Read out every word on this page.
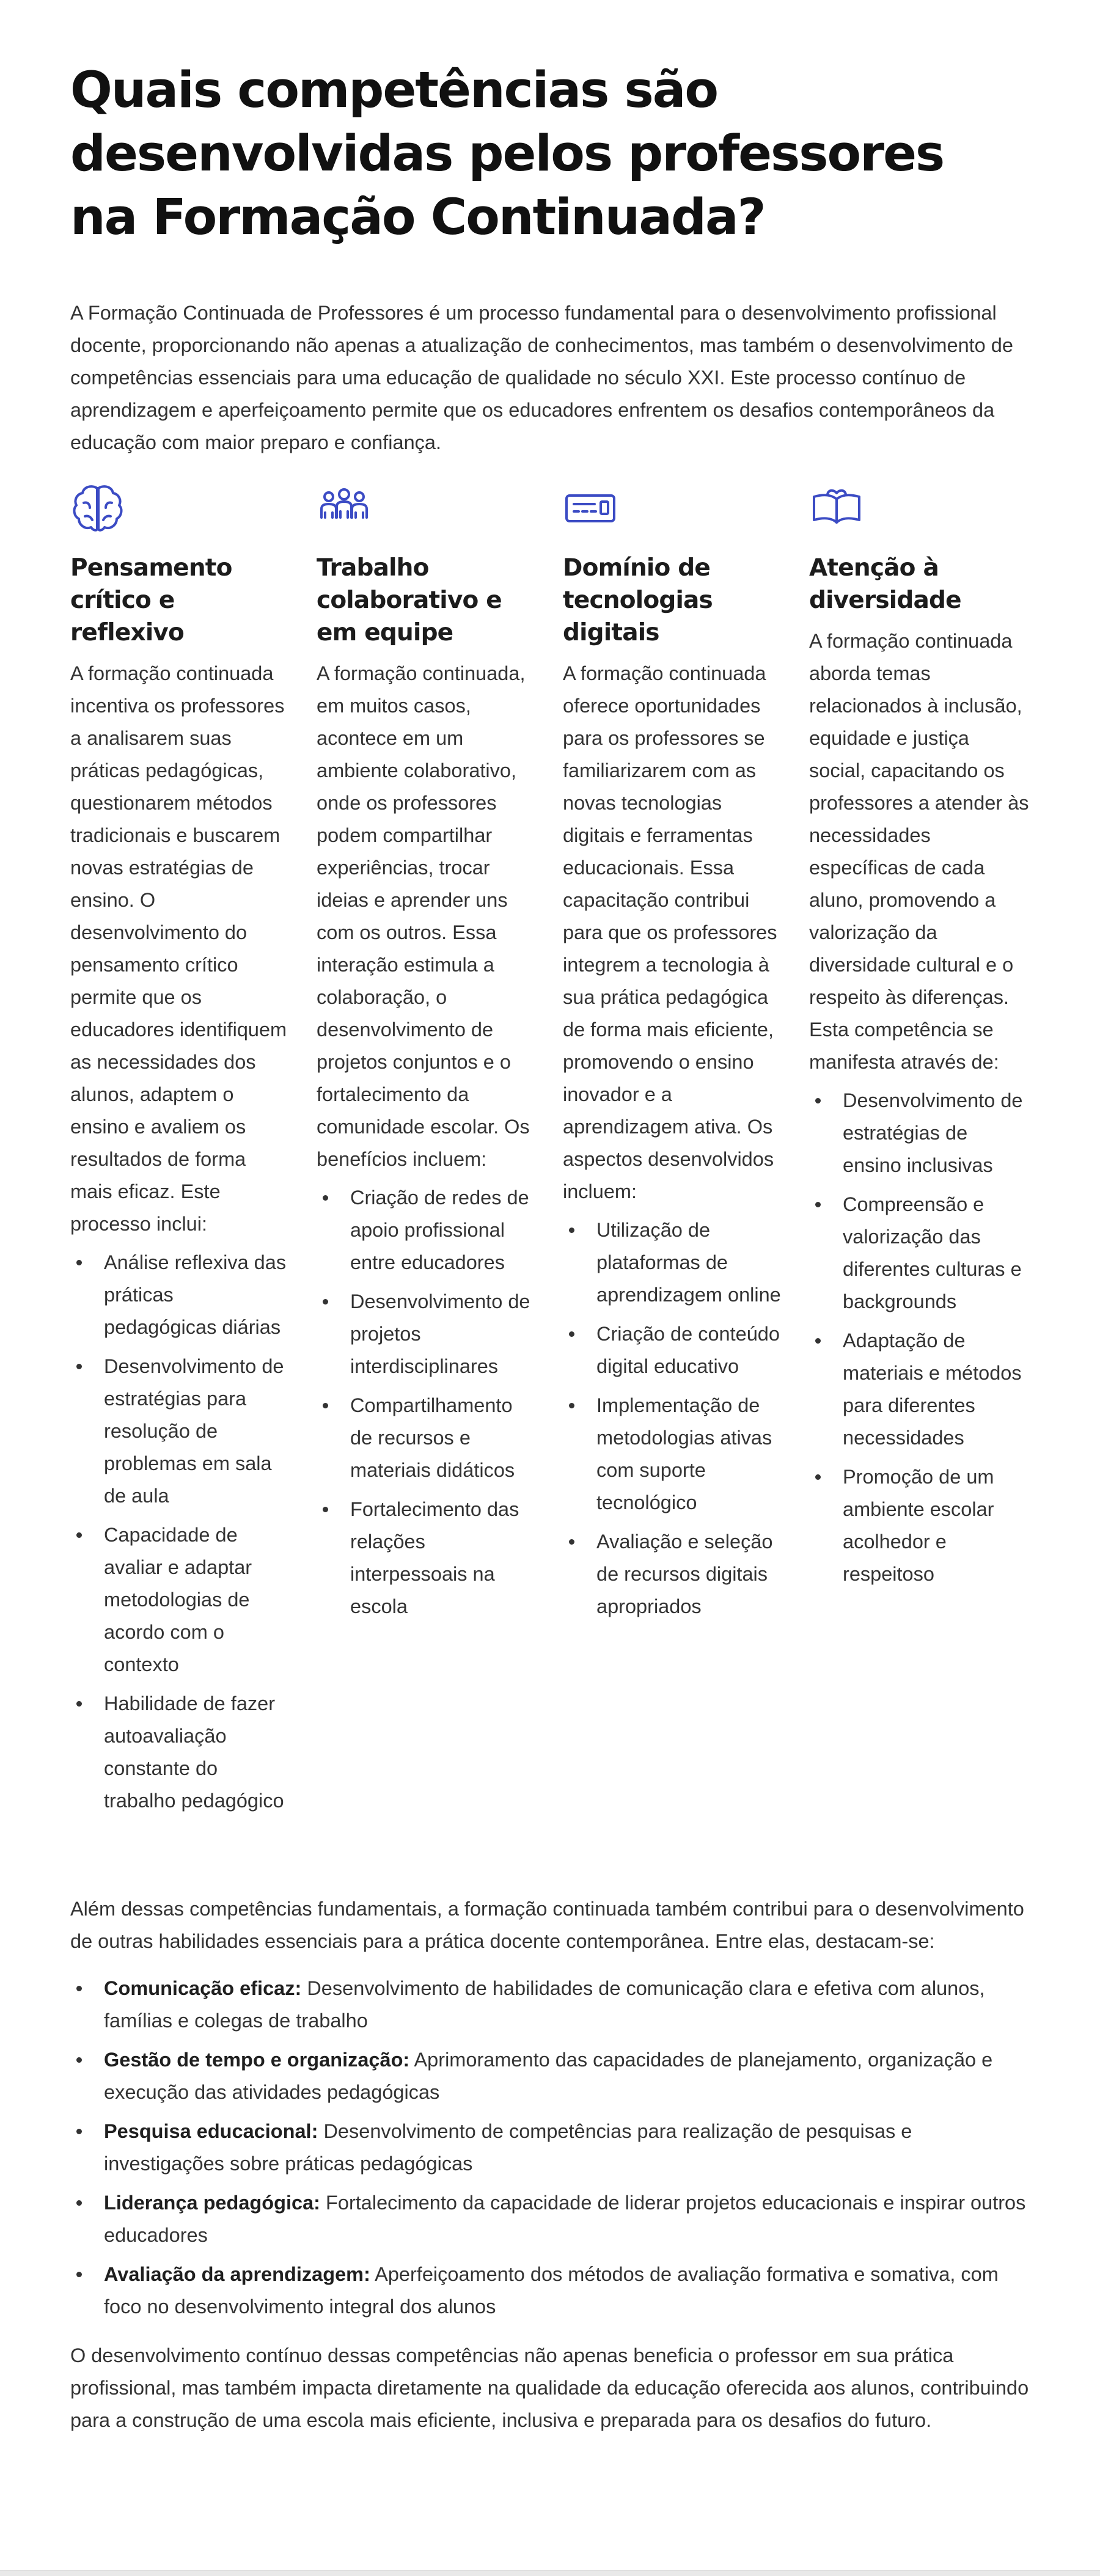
Quais competências são desenvolvidas pelos professores na Formação Continuada?

A Formação Continuada de Professores é um processo fundamental para o desenvolvimento profissional docente, proporcionando não apenas a atualização de conhecimentos, mas também o desenvolvimento de competências essenciais para uma educação de qualidade no século XXI. Este processo contínuo de aprendizagem e aperfeiçoamento permite que os educadores enfrentem os desafios contemporâneos da educação com maior preparo e confiança.

Pensamento crítico e reflexivo

A formação continuada incentiva os professores a analisarem suas práticas pedagógicas, questionarem métodos tradicionais e buscarem novas estratégias de ensino. O desenvolvimento do pensamento crítico permite que os educadores identifiquem as necessidades dos alunos, adaptem o ensino e avaliem os resultados de forma mais eficaz. Este processo inclui:

Análise reflexiva das práticas pedagógicas diárias
Desenvolvimento de estratégias para resolução de problemas em sala de aula
Capacidade de avaliar e adaptar metodologias de acordo com o contexto
Habilidade de fazer autoavaliação constante do trabalho pedagógico
Trabalho colaborativo e em equipe

A formação continuada, em muitos casos, acontece em um ambiente colaborativo, onde os professores podem compartilhar experiências, trocar ideias e aprender uns com os outros. Essa interação estimula a colaboração, o desenvolvimento de projetos conjuntos e o fortalecimento da comunidade escolar. Os benefícios incluem:

Criação de redes de apoio profissional entre educadores
Desenvolvimento de projetos interdisciplinares
Compartilhamento de recursos e materiais didáticos
Fortalecimento das relações interpessoais na escola
Domínio de tecnologias digitais

A formação continuada oferece oportunidades para os professores se familiarizarem com as novas tecnologias digitais e ferramentas educacionais. Essa capacitação contribui para que os professores integrem a tecnologia à sua prática pedagógica de forma mais eficiente, promovendo o ensino inovador e a aprendizagem ativa. Os aspectos desenvolvidos incluem:

Utilização de plataformas de aprendizagem online
Criação de conteúdo digital educativo
Implementação de metodologias ativas com suporte tecnológico
Avaliação e seleção de recursos digitais apropriados
Atenção à diversidade

A formação continuada aborda temas relacionados à inclusão, equidade e justiça social, capacitando os professores a atender às necessidades específicas de cada aluno, promovendo a valorização da diversidade cultural e o respeito às diferenças. Esta competência se manifesta através de:

Desenvolvimento de estratégias de ensino inclusivas
Compreensão e valorização das diferentes culturas e backgrounds
Adaptação de materiais e métodos para diferentes necessidades
Promoção de um ambiente escolar acolhedor e respeitoso

Além dessas competências fundamentais, a formação continuada também contribui para o desenvolvimento de outras habilidades essenciais para a prática docente contemporânea. Entre elas, destacam-se:

Comunicação eficaz: Desenvolvimento de habilidades de comunicação clara e efetiva com alunos, famílias e colegas de trabalho
Gestão de tempo e organização: Aprimoramento das capacidades de planejamento, organização e execução das atividades pedagógicas
Pesquisa educacional: Desenvolvimento de competências para realização de pesquisas e investigações sobre práticas pedagógicas
Liderança pedagógica: Fortalecimento da capacidade de liderar projetos educacionais e inspirar outros educadores
Avaliação da aprendizagem: Aperfeiçoamento dos métodos de avaliação formativa e somativa, com foco no desenvolvimento integral dos alunos

O desenvolvimento contínuo dessas competências não apenas beneficia o professor em sua prática profissional, mas também impacta diretamente na qualidade da educação oferecida aos alunos, contribuindo para a construção de uma escola mais eficiente, inclusiva e preparada para os desafios do futuro.
